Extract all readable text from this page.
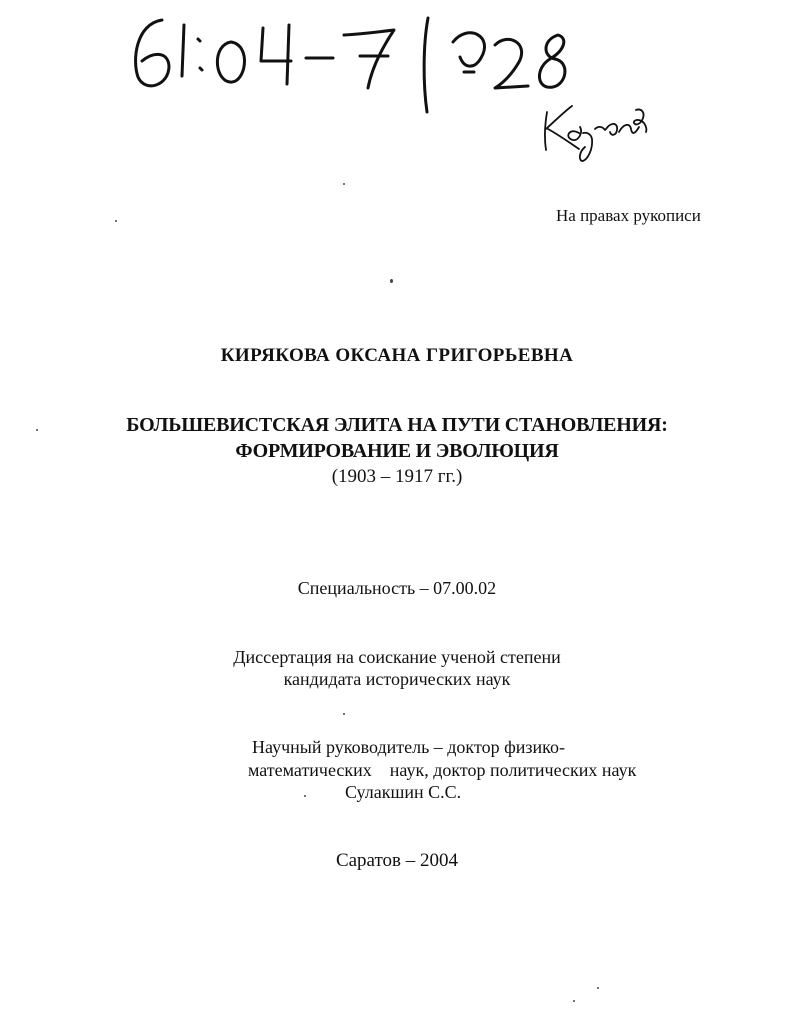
На правах рукописи
КИРЯКОВА ОКСАНА ГРИГОРЬЕВНА
БОЛЬШЕВИСТСКАЯ ЭЛИТА НА ПУТИ СТАНОВЛЕНИЯ:
ФОРМИРОВАНИЕ И ЭВОЛЮЦИЯ
(1903 – 1917 гг.)
Специальность – 07.00.02
Диссертация на соискание ученой степени
кандидата исторических наук
Научный руководитель – доктор физико-
математических    наук, доктор политических наук
Сулакшин С.С.
Саратов – 2004
